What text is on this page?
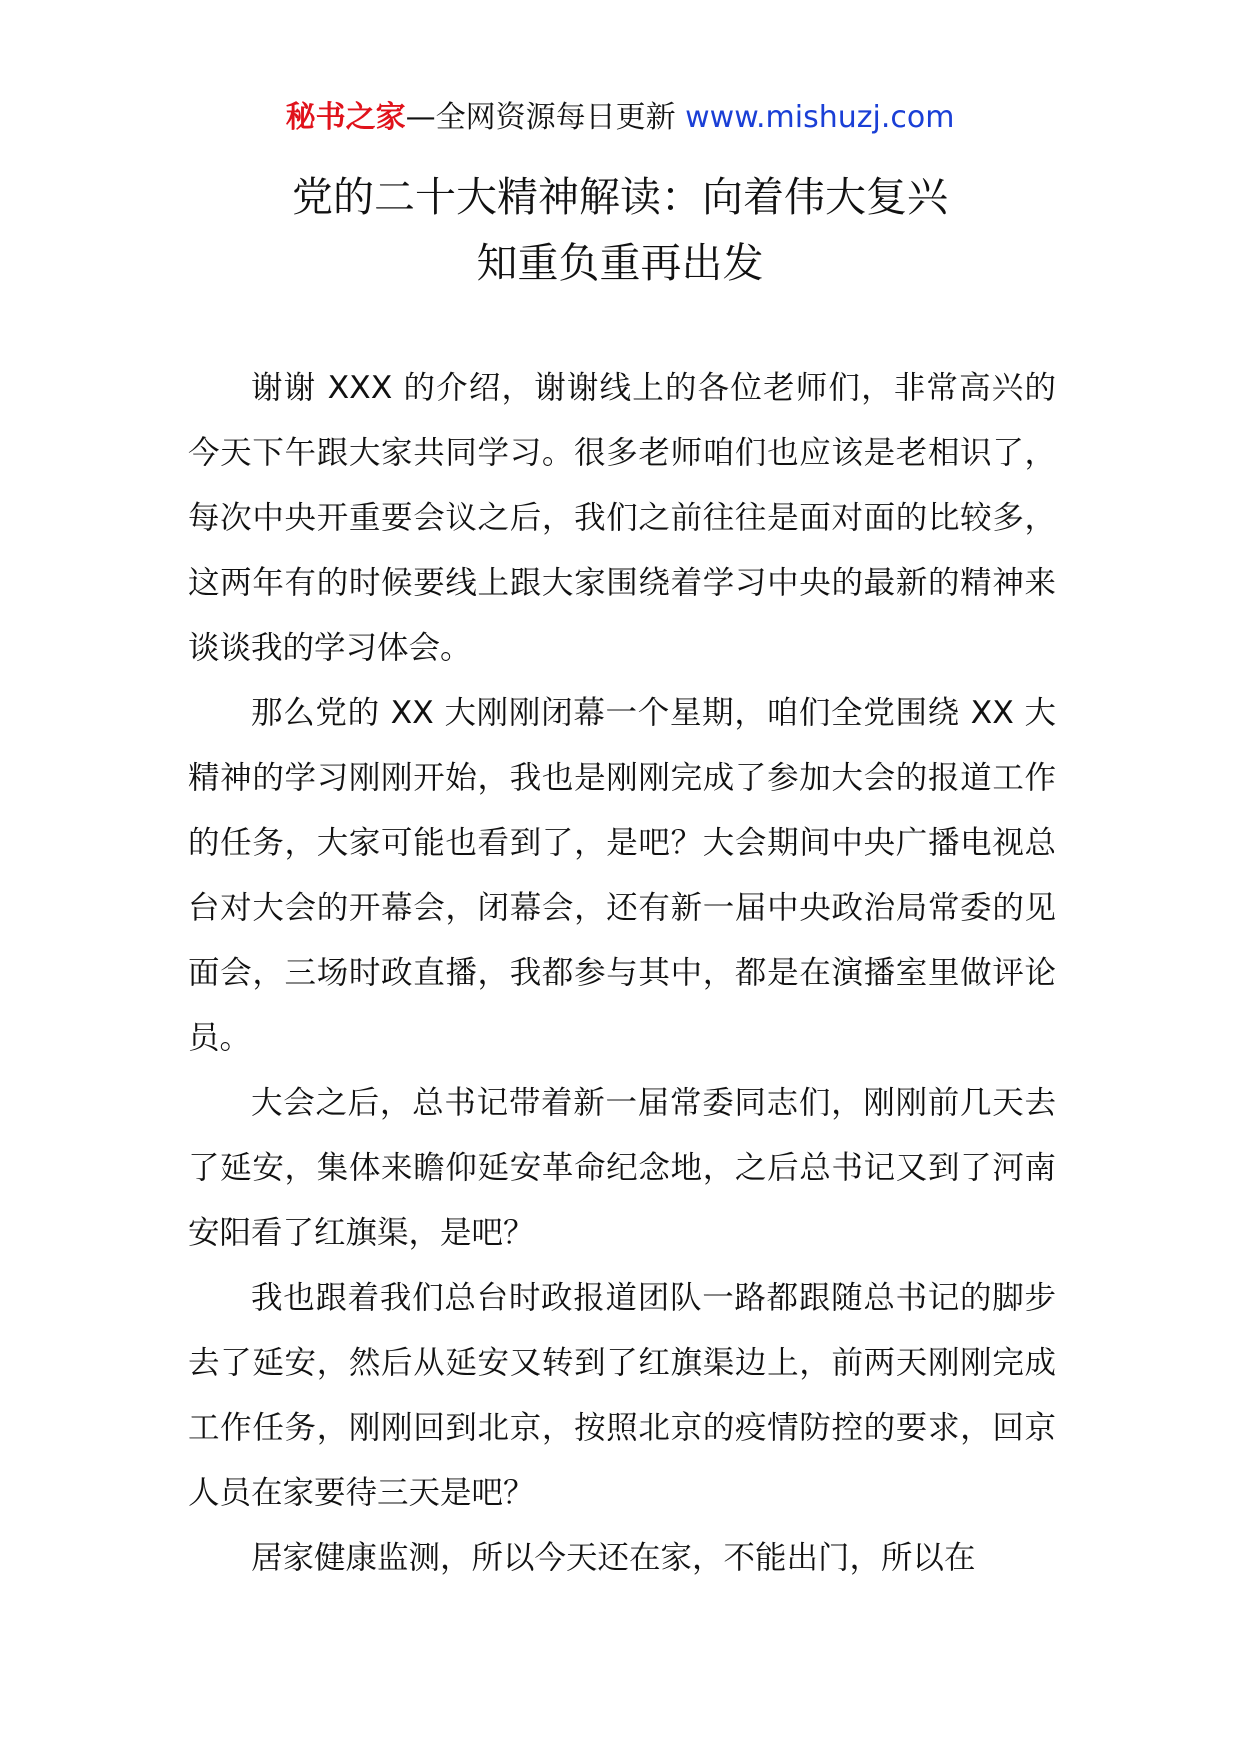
秘书之家—全网资源每日更新 www.mishuzj.com
党的二十大精神解读：向着伟大复兴
知重负重再出发

谢谢 XXX 的介绍，谢谢线上的各位老师们，非常高兴的今天下午跟大家共同学习。很多老师咱们也应该是老相识了，每次中央开重要会议之后，我们之前往往是面对面的比较多，这两年有的时候要线上跟大家围绕着学习中央的最新的精神来谈谈我的学习体会。

那么党的 XX 大刚刚闭幕一个星期，咱们全党围绕 XX 大精神的学习刚刚开始，我也是刚刚完成了参加大会的报道工作的任务，大家可能也看到了，是吧？大会期间中央广播电视总台对大会的开幕会，闭幕会，还有新一届中央政治局常委的见面会，三场时政直播，我都参与其中，都是在演播室里做评论员。

大会之后，总书记带着新一届常委同志们，刚刚前几天去了延安，集体来瞻仰延安革命纪念地，之后总书记又到了河南安阳看了红旗渠，是吧？

我也跟着我们总台时政报道团队一路都跟随总书记的脚步去了延安，然后从延安又转到了红旗渠边上，前两天刚刚完成工作任务，刚刚回到北京，按照北京的疫情防控的要求，回京人员在家要待三天是吧？

居家健康监测，所以今天还在家，不能出门，所以在
